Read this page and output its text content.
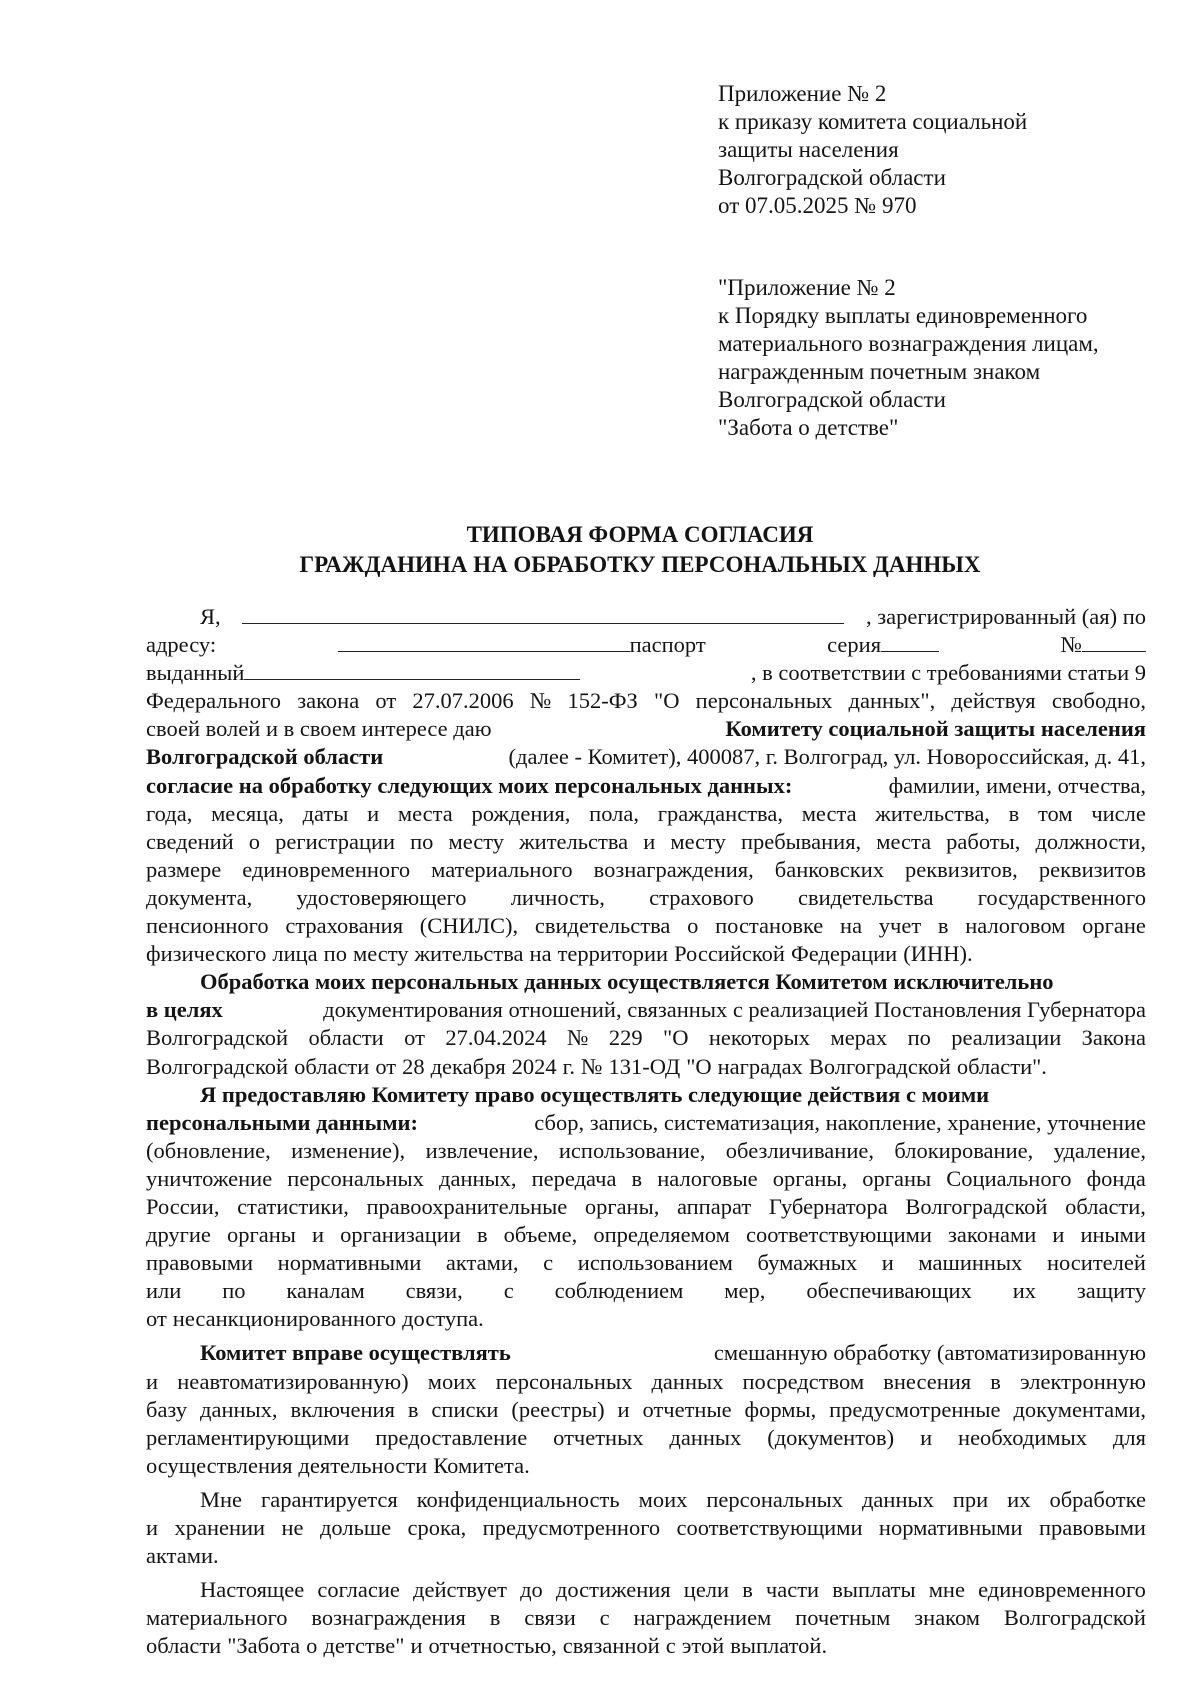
Приложение № 2
к приказу комитета социальной
защиты населения
Волгоградской области
от 07.05.2025 № 970
"Приложение № 2
к Порядку выплаты единовременного
материального вознаграждения лицам,
награжденным почетным знаком
Волгоградской области
"Забота о детстве"
ТИПОВАЯ ФОРМА СОГЛАСИЯ
ГРАЖДАНИНА НА ОБРАБОТКУ ПЕРСОНАЛЬНЫХ ДАННЫХ
Я,	, зарегистрированный (ая) по
адресу:	паспорт	серия	№
выданный	, в соответствии с требованиями статьи 9
Федерального закона от 27.07.2006 № 152-ФЗ "О персональных данных", действуя свободно,
своей волей и в своем интересе даю	Комитету социальной защиты населения
Волгоградской области	(далее - Комитет), 400087, г. Волгоград, ул. Новороссийская, д. 41,
согласие на обработку следующих моих персональных данных:	фамилии, имени, отчества,
года, месяца, даты и места рождения, пола, гражданства, места жительства, в том числе
сведений о регистрации по месту жительства и месту пребывания, места работы, должности,
размере единовременного материального вознаграждения, банковских реквизитов, реквизитов
документа, удостоверяющего личность, страхового свидетельства государственного
пенсионного страхования (СНИЛС), свидетельства о постановке на учет в налоговом органе
физического лица по месту жительства на территории Российской Федерации (ИНН).
Обработка моих персональных данных осуществляется Комитетом исключительно
в целях	документирования отношений, связанных с реализацией Постановления Губернатора
Волгоградской области от 27.04.2024 № 229 "О некоторых мерах по реализации Закона
Волгоградской области от 28 декабря 2024 г. № 131-ОД "О наградах Волгоградской области".
Я предоставляю Комитету право осуществлять следующие действия с моими
персональными данными:	сбор, запись, систематизация, накопление, хранение, уточнение
(обновление, изменение), извлечение, использование, обезличивание, блокирование, удаление,
уничтожение персональных данных, передача в налоговые органы, органы Социального фонда
России, статистики, правоохранительные органы, аппарат Губернатора Волгоградской области,
другие органы и организации в объеме, определяемом соответствующими законами и иными
правовыми нормативными актами, с использованием бумажных и машинных носителей
или по каналам связи, с соблюдением мер, обеспечивающих их защиту
от несанкционированного доступа.
Комитет вправе осуществлять	смешанную обработку (автоматизированную
и неавтоматизированную) моих персональных данных посредством внесения в электронную
базу данных, включения в списки (реестры) и отчетные формы, предусмотренные документами,
регламентирующими предоставление отчетных данных (документов) и необходимых для
осуществления деятельности Комитета.
Мне гарантируется конфиденциальность моих персональных данных при их обработке
и хранении не дольше срока, предусмотренного соответствующими нормативными правовыми
актами.
Настоящее согласие действует до достижения цели в части выплаты мне единовременного
материального вознаграждения в связи с награждением почетным знаком Волгоградской
области "Забота о детстве" и отчетностью, связанной с этой выплатой.
